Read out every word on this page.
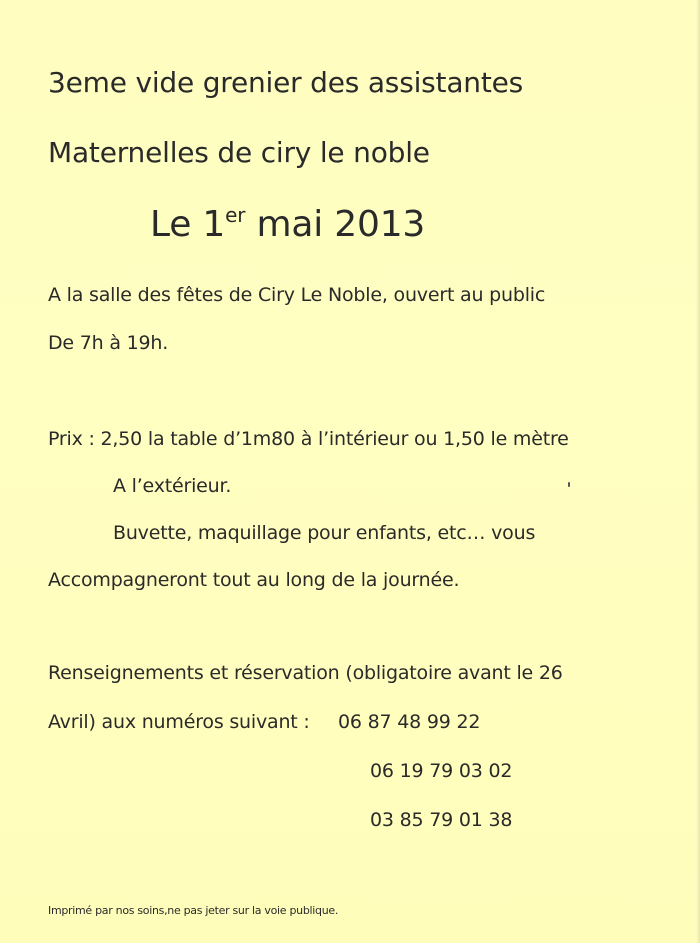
3eme vide grenier des assistantes
Maternelles de ciry le noble
Le 1er mai 2013
A la salle des fêtes de Ciry Le Noble, ouvert au public
De 7h à 19h.
Prix : 2,50 la table d’1m80 à l’intérieur ou 1,50 le mètre
A l’extérieur.
Buvette, maquillage pour enfants, etc… vous
Accompagneront tout au long de la journée.
Renseignements et réservation (obligatoire avant le 26
Avril) aux numéros suivant : 06 87 48 99 22
06 19 79 03 02
03 85 79 01 38
Imprimé par nos soins,ne pas jeter sur la voie publique.
